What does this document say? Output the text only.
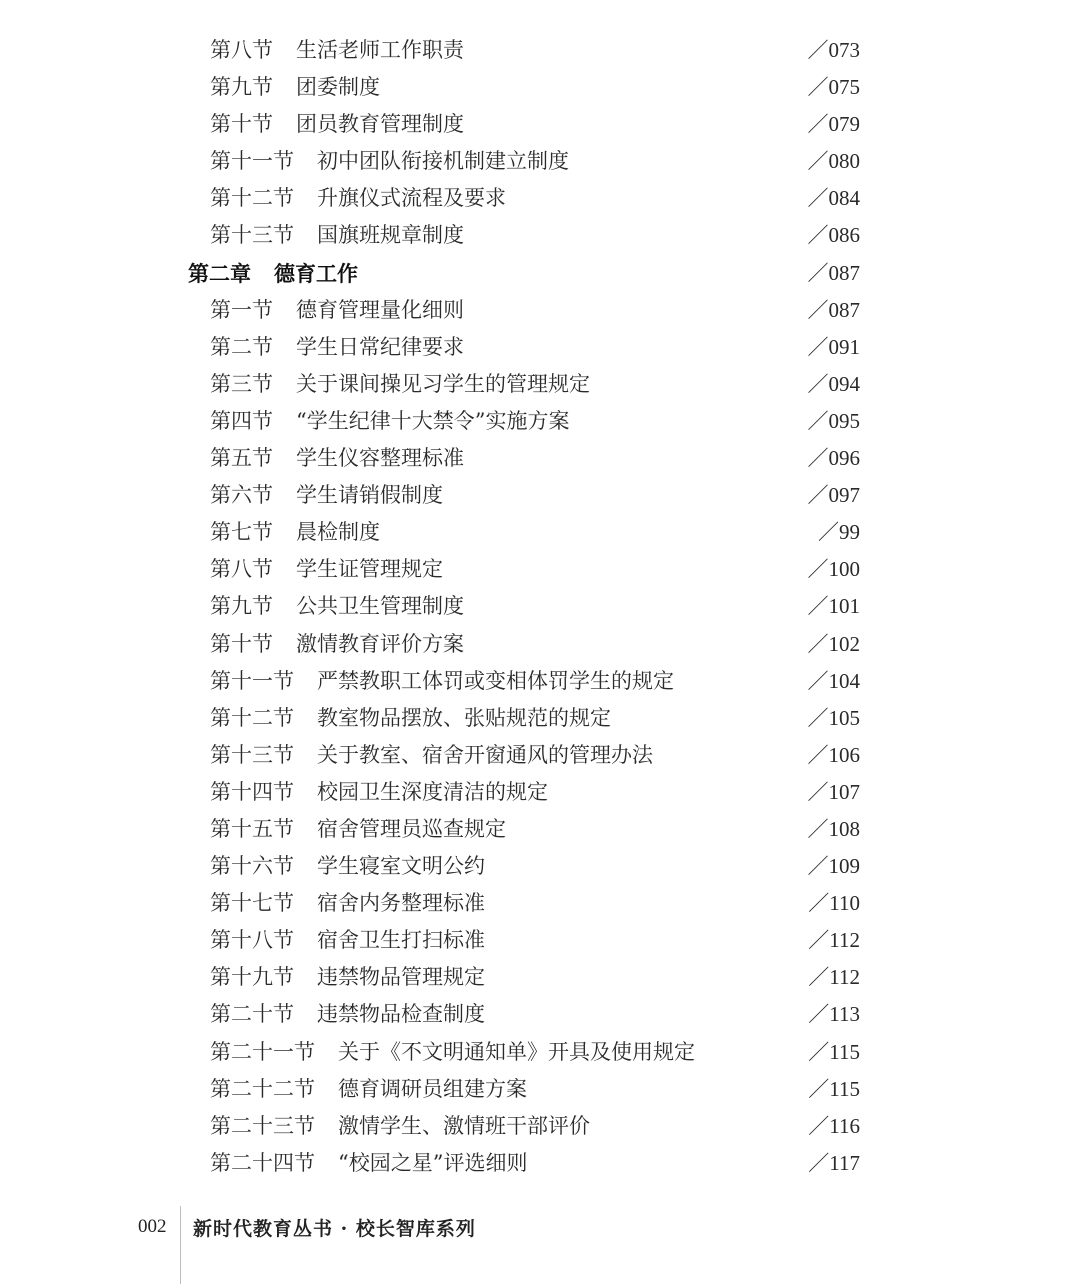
第八节 生活老师工作职责	／073
第九节 团委制度	／075
第十节 团员教育管理制度	／079
第十一节 初中团队衔接机制建立制度	／080
第十二节 升旗仪式流程及要求	／084
第十三节 国旗班规章制度	／086
第二章 德育工作	／087
第一节 德育管理量化细则	／087
第二节 学生日常纪律要求	／091
第三节 关于课间操见习学生的管理规定	／094
第四节 “学生纪律十大禁令”实施方案	／095
第五节 学生仪容整理标准	／096
第六节 学生请销假制度	／097
第七节 晨检制度	／99
第八节 学生证管理规定	／100
第九节 公共卫生管理制度	／101
第十节 激情教育评价方案	／102
第十一节 严禁教职工体罚或变相体罚学生的规定	／104
第十二节 教室物品摆放、张贴规范的规定	／105
第十三节 关于教室、宿舍开窗通风的管理办法	／106
第十四节 校园卫生深度清洁的规定	／107
第十五节 宿舍管理员巡查规定	／108
第十六节 学生寝室文明公约	／109
第十七节 宿舍内务整理标准	／110
第十八节 宿舍卫生打扫标准	／112
第十九节 违禁物品管理规定	／112
第二十节 违禁物品检查制度	／113
第二十一节 关于《不文明通知单》开具及使用规定	／115
第二十二节 德育调研员组建方案	／115
第二十三节 激情学生、激情班干部评价	／116
第二十四节 “校园之星”评选细则	／117
002 新时代教育丛书 · 校长智库系列
